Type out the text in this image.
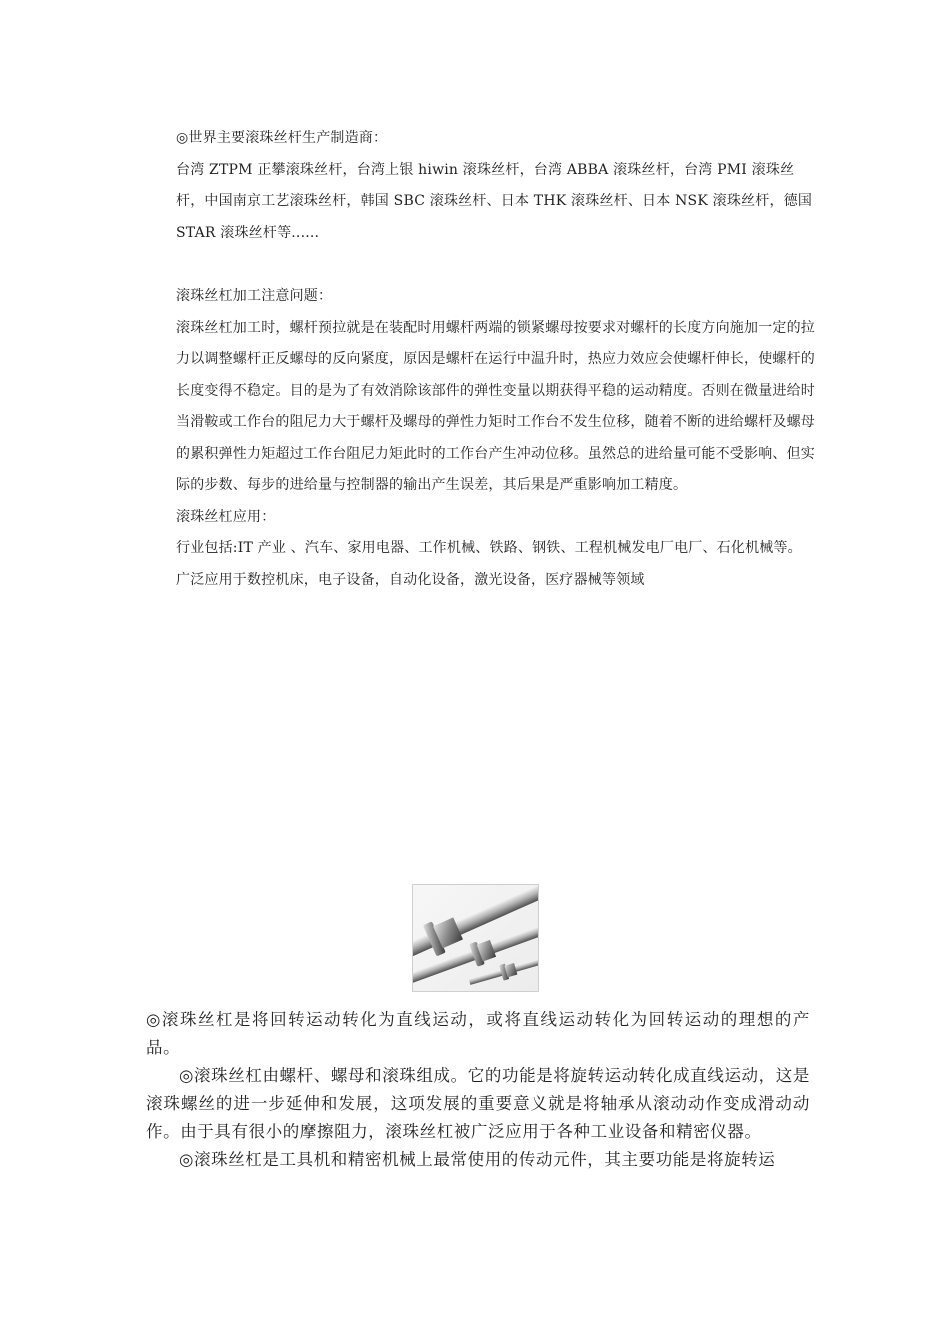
◎世界主要滚珠丝杆生产制造商：

台湾 ZTPM 正攀滚珠丝杆，台湾上银 hiwin 滚珠丝杆，台湾 ABBA 滚珠丝杆，台湾 PMI 滚珠丝杆，中国南京工艺滚珠丝杆，韩国 SBC 滚珠丝杆、日本 THK 滚珠丝杆、日本 NSK 滚珠丝杆，德国 STAR 滚珠丝杆等......

滚珠丝杠加工注意问题：

滚珠丝杠加工时，螺杆预拉就是在装配时用螺杆两端的锁紧螺母按要求对螺杆的长度方向施加一定的拉力以调整螺杆正反螺母的反向紧度，原因是螺杆在运行中温升时，热应力效应会使螺杆伸长，使螺杆的长度变得不稳定。目的是为了有效消除该部件的弹性变量以期获得平稳的运动精度。否则在微量进给时当滑鞍或工作台的阻尼力大于螺杆及螺母的弹性力矩时工作台不发生位移，随着不断的进给螺杆及螺母的累积弹性力矩超过工作台阻尼力矩此时的工作台产生冲动位移。虽然总的进给量可能不受影响、但实际的步数、每步的进给量与控制器的输出产生误差，其后果是严重影响加工精度。

滚珠丝杠应用：

行业包括:IT 产业 、汽车、家用电器、工作机械、铁路、钢铁、工程机械发电厂电厂、石化机械等。

广泛应用于数控机床，电子设备，自动化设备，激光设备，医疗器械等领域

◎滚珠丝杠是将回转运动转化为直线运动，或将直线运动转化为回转运动的理想的产品。

◎滚珠丝杠由螺杆、螺母和滚珠组成。它的功能是将旋转运动转化成直线运动，这是滚珠螺丝的进一步延伸和发展，这项发展的重要意义就是将轴承从滚动动作变成滑动动作。由于具有很小的摩擦阻力，滚珠丝杠被广泛应用于各种工业设备和精密仪器。

◎滚珠丝杠是工具机和精密机械上最常使用的传动元件，其主要功能是将旋转运
